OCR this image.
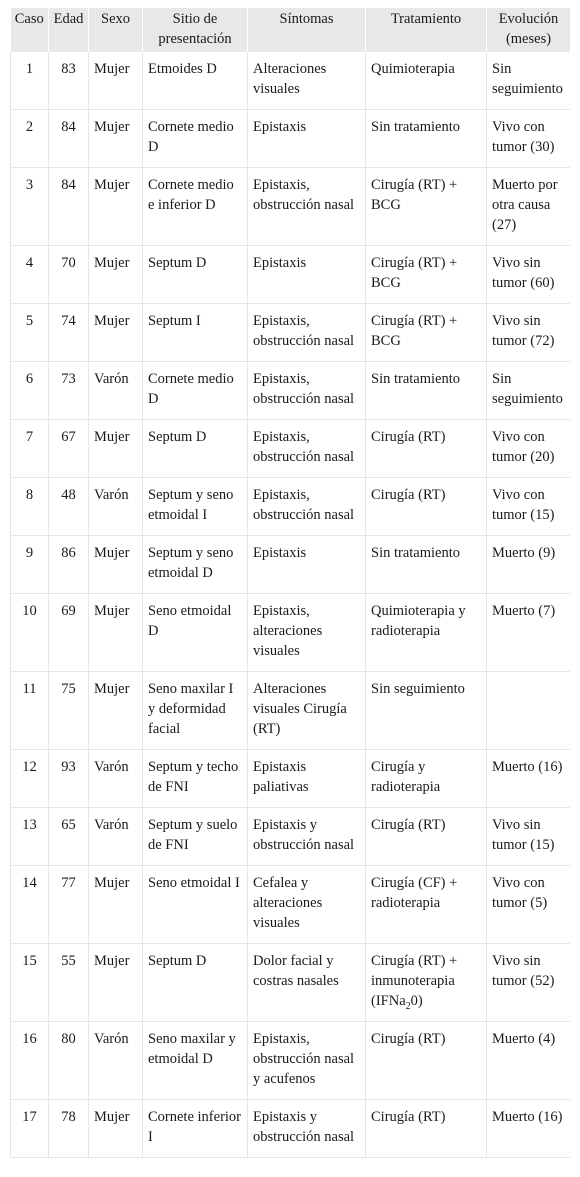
Caso	Edad	Sexo	Sitio de presentación	Síntomas	Tratamiento	Evolución (meses)
1	83	Mujer	Etmoides D	Alteraciones visuales	Quimioterapia	Sin seguimiento
2	84	Mujer	Cornete medio D	Epistaxis	Sin tratamiento	Vivo con tumor (30)
3	84	Mujer	Cornete medio e inferior D	Epistaxis, obstrucción nasal	Cirugía (RT) + BCG	Muerto por otra causa (27)
4	70	Mujer	Septum D	Epistaxis	Cirugía (RT) + BCG	Vivo sin tumor (60)
5	74	Mujer	Septum I	Epistaxis, obstrucción nasal	Cirugía (RT) + BCG	Vivo sin tumor (72)
6	73	Varón	Cornete medio D	Epistaxis, obstrucción nasal	Sin tratamiento	Sin seguimiento
7	67	Mujer	Septum D	Epistaxis, obstrucción nasal	Cirugía (RT)	Vivo con tumor (20)
8	48	Varón	Septum y seno etmoidal I	Epistaxis, obstrucción nasal	Cirugía (RT)	Vivo con tumor (15)
9	86	Mujer	Septum y seno etmoidal D	Epistaxis	Sin tratamiento	Muerto (9)
10	69	Mujer	Seno etmoidal D	Epistaxis, alteraciones visuales	Quimioterapia y radioterapia	Muerto (7)
11	75	Mujer	Seno maxilar I y deformidad facial	Alteraciones visuales Cirugía (RT)	Sin seguimiento	
12	93	Varón	Septum y techo de FNI	Epistaxis paliativas	Cirugía y radioterapia	Muerto (16)
13	65	Varón	Septum y suelo de FNI	Epistaxis y obstrucción nasal	Cirugía (RT)	Vivo sin tumor (15)
14	77	Mujer	Seno etmoidal I	Cefalea y alteraciones visuales	Cirugía (CF) + radioterapia	Vivo con tumor (5)
15	55	Mujer	Septum D	Dolor facial y costras nasales	Cirugía (RT) + inmunoterapia (IFNa$_2$0)	Vivo sin tumor (52)
16	80	Varón	Seno maxilar y etmoidal D	Epistaxis, obstrucción nasal y acufenos	Cirugía (RT)	Muerto (4)
17	78	Mujer	Cornete inferior I	Epistaxis y obstrucción nasal	Cirugía (RT)	Muerto (16)
